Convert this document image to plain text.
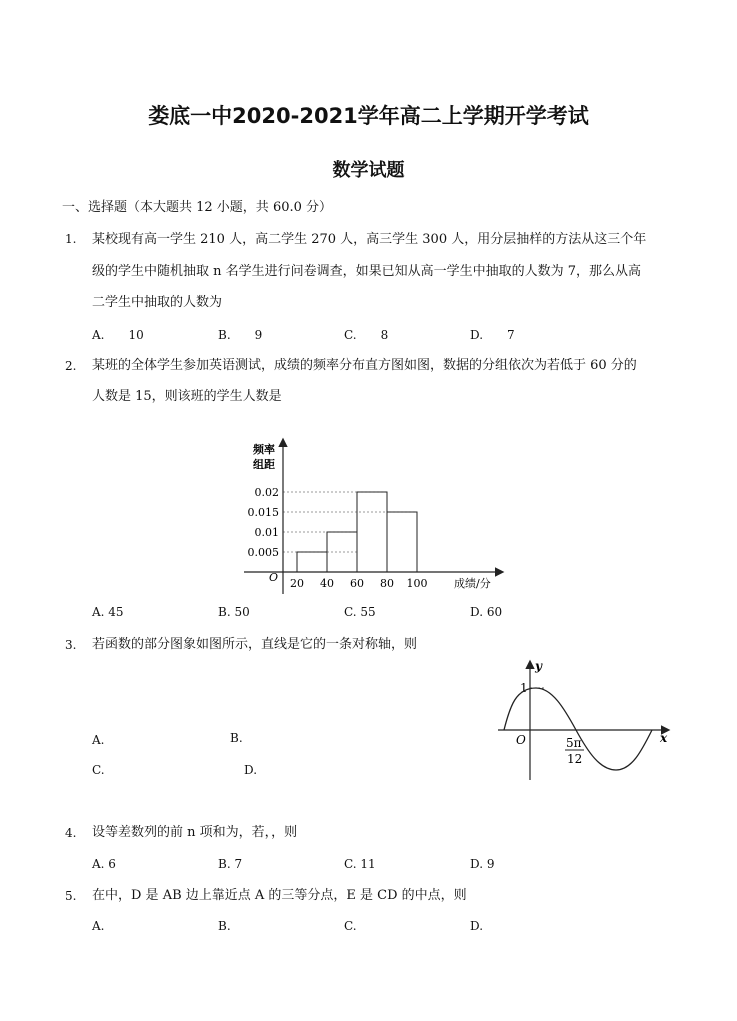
娄底一中2020-2021学年高二上学期开学考试
数学试题
一、选择题（本大题共 12 小题，共 60.0 分）
1. 某校现有高一学生 210 人，高二学生 270 人，高三学生 300 人，用分层抽样的方法从这三个年
级的学生中随机抽取 n 名学生进行问卷调查，如果已知从高一学生中抽取的人数为 7，那么从高
二学生中抽取的人数为
A.　　10	B.　　9	C.　　8	D.　　7
2. 某班的全体学生参加英语测试，成绩的频率分布直方图如图，数据的分组依次为若低于 60 分的
人数是 15，则该班的学生人数是
频率
组距
O	成绩/分
0.02
0.015
0.01
0.005
20 40 60 80 100
A. 45	B. 50	C. 55	D. 60
3. 若函数的部分图象如图所示，直线是它的一条对称轴，则
A.	B.
C.	D.
y
x
O
1
5π
12
4. 设等差数列的前 n 项和为，若，，则
A. 6	B. 7	C. 11	D. 9
5. 在中，D 是 AB 边上靠近点 A 的三等分点，E 是 CD 的中点，则
A.	B.	C.	D.
